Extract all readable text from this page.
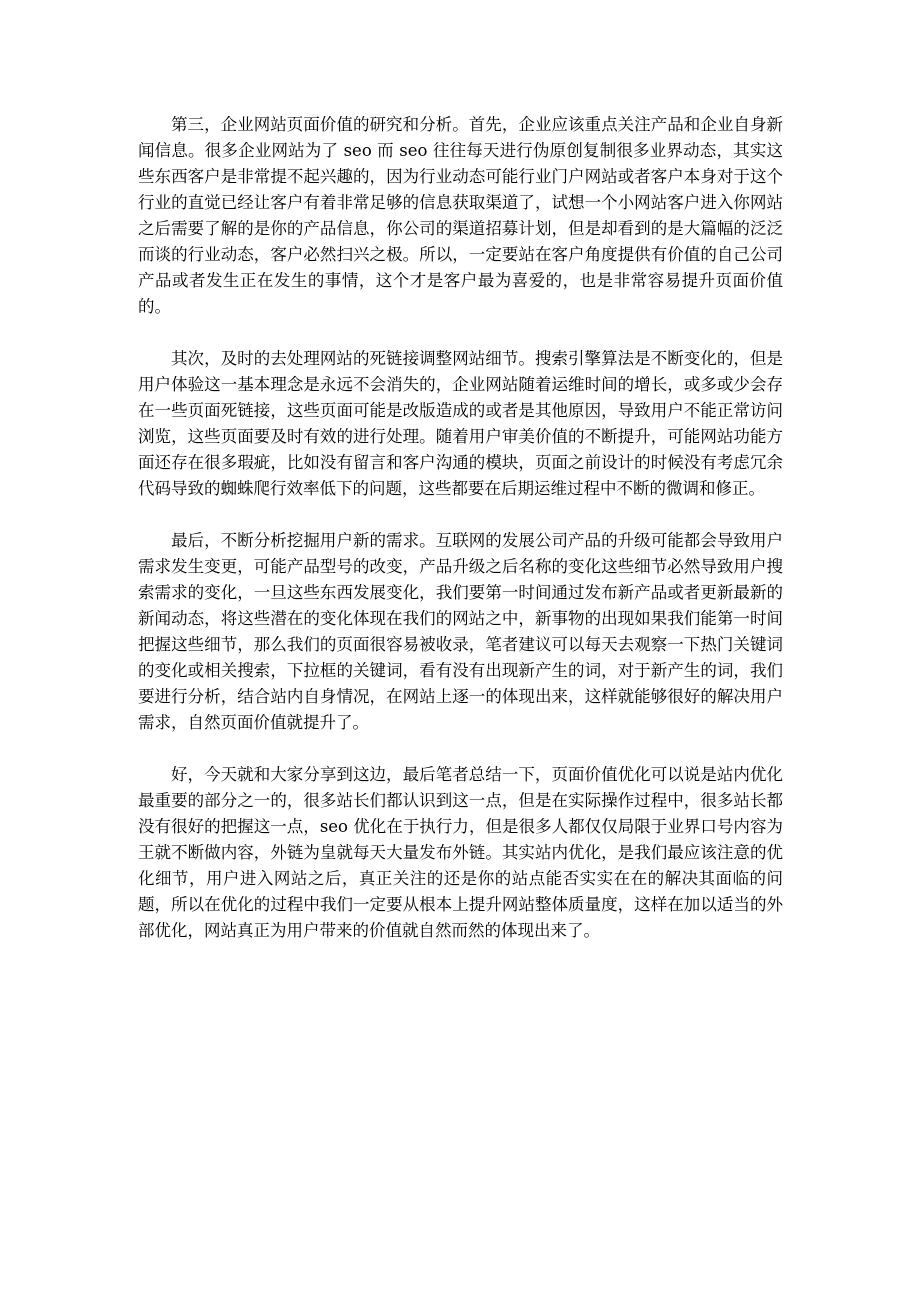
第三，企业网站页面价值的研究和分析。首先，企业应该重点关注产品和企业自身新闻信息。很多企业网站为了 seo 而 seo 往往每天进行伪原创复制很多业界动态，其实这些东西客户是非常提不起兴趣的，因为行业动态可能行业门户网站或者客户本身对于这个行业的直觉已经让客户有着非常足够的信息获取渠道了，试想一个小网站客户进入你网站之后需要了解的是你的产品信息，你公司的渠道招募计划，但是却看到的是大篇幅的泛泛而谈的行业动态，客户必然扫兴之极。所以，一定要站在客户角度提供有价值的自己公司产品或者发生正在发生的事情，这个才是客户最为喜爱的，也是非常容易提升页面价值的。

其次，及时的去处理网站的死链接调整网站细节。搜索引擎算法是不断变化的，但是用户体验这一基本理念是永远不会消失的，企业网站随着运维时间的增长，或多或少会存在一些页面死链接，这些页面可能是改版造成的或者是其他原因，导致用户不能正常访问浏览，这些页面要及时有效的进行处理。随着用户审美价值的不断提升，可能网站功能方面还存在很多瑕疵，比如没有留言和客户沟通的模块，页面之前设计的时候没有考虑冗余代码导致的蜘蛛爬行效率低下的问题，这些都要在后期运维过程中不断的微调和修正。

最后，不断分析挖掘用户新的需求。互联网的发展公司产品的升级可能都会导致用户需求发生变更，可能产品型号的改变，产品升级之后名称的变化这些细节必然导致用户搜索需求的变化，一旦这些东西发展变化，我们要第一时间通过发布新产品或者更新最新的新闻动态，将这些潜在的变化体现在我们的网站之中，新事物的出现如果我们能第一时间把握这些细节，那么我们的页面很容易被收录，笔者建议可以每天去观察一下热门关键词的变化或相关搜索，下拉框的关键词，看有没有出现新产生的词，对于新产生的词，我们要进行分析，结合站内自身情况，在网站上逐一的体现出来，这样就能够很好的解决用户需求，自然页面价值就提升了。

好，今天就和大家分享到这边，最后笔者总结一下，页面价值优化可以说是站内优化最重要的部分之一的，很多站长们都认识到这一点，但是在实际操作过程中，很多站长都没有很好的把握这一点，seo 优化在于执行力，但是很多人都仅仅局限于业界口号内容为王就不断做内容，外链为皇就每天大量发布外链。其实站内优化，是我们最应该注意的优化细节，用户进入网站之后，真正关注的还是你的站点能否实实在在的解决其面临的问题，所以在优化的过程中我们一定要从根本上提升网站整体质量度，这样在加以适当的外部优化，网站真正为用户带来的价值就自然而然的体现出来了。
